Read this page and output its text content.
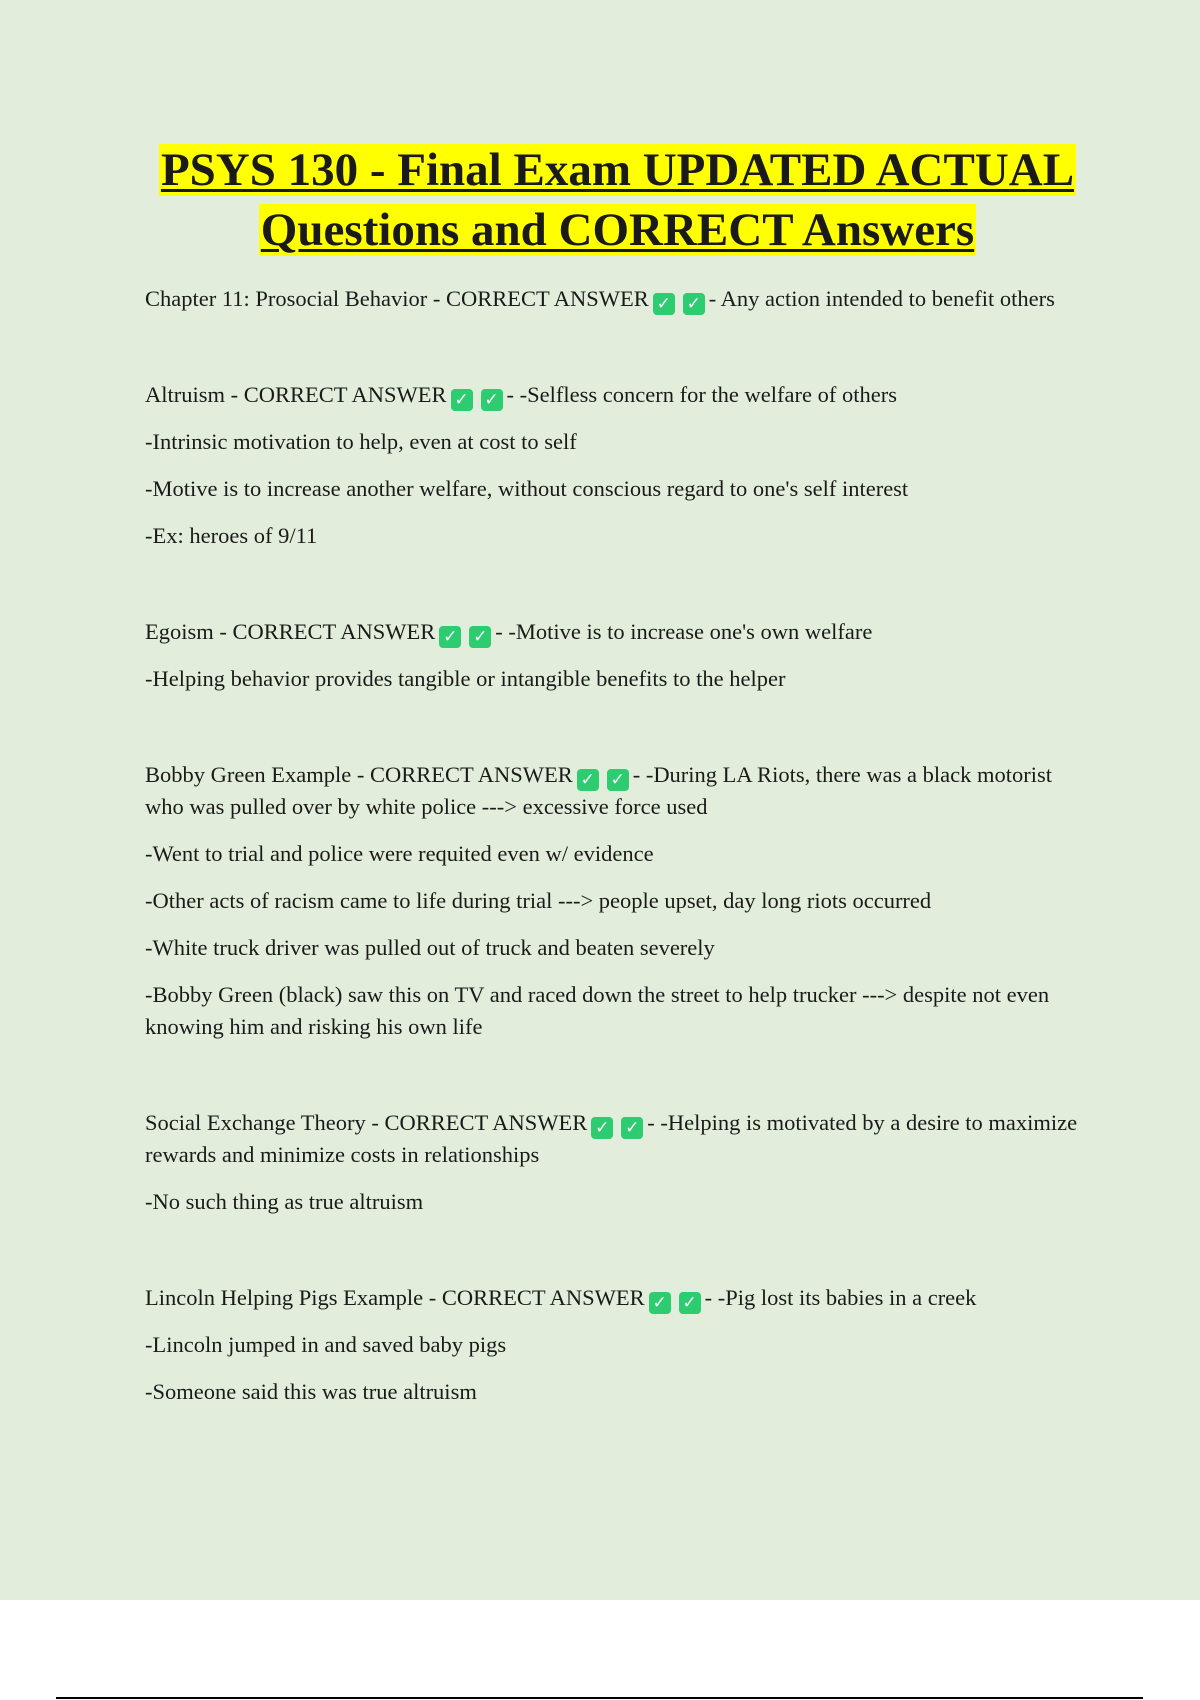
PSYS 130 - Final Exam UPDATED ACTUAL
Questions and CORRECT Answers

Chapter 11: Prosocial Behavior - CORRECT ANSWER ✓ ✓ - Any action intended to benefit others

Altruism - CORRECT ANSWER ✓ ✓ - -Selfless concern for the welfare of others

-Intrinsic motivation to help, even at cost to self

-Motive is to increase another welfare, without conscious regard to one's self interest

-Ex: heroes of 9/11

Egoism - CORRECT ANSWER ✓ ✓ - -Motive is to increase one's own welfare

-Helping behavior provides tangible or intangible benefits to the helper

Bobby Green Example - CORRECT ANSWER ✓ ✓ - -During LA Riots, there was a black motorist who was pulled over by white police ---> excessive force used

-Went to trial and police were requited even w/ evidence

-Other acts of racism came to life during trial ---> people upset, day long riots occurred

-White truck driver was pulled out of truck and beaten severely

-Bobby Green (black) saw this on TV and raced down the street to help trucker ---> despite not even knowing him and risking his own life

Social Exchange Theory - CORRECT ANSWER ✓ ✓ - -Helping is motivated by a desire to maximize rewards and minimize costs in relationships

-No such thing as true altruism

Lincoln Helping Pigs Example - CORRECT ANSWER ✓ ✓ - -Pig lost its babies in a creek

-Lincoln jumped in and saved baby pigs

-Someone said this was true altruism
